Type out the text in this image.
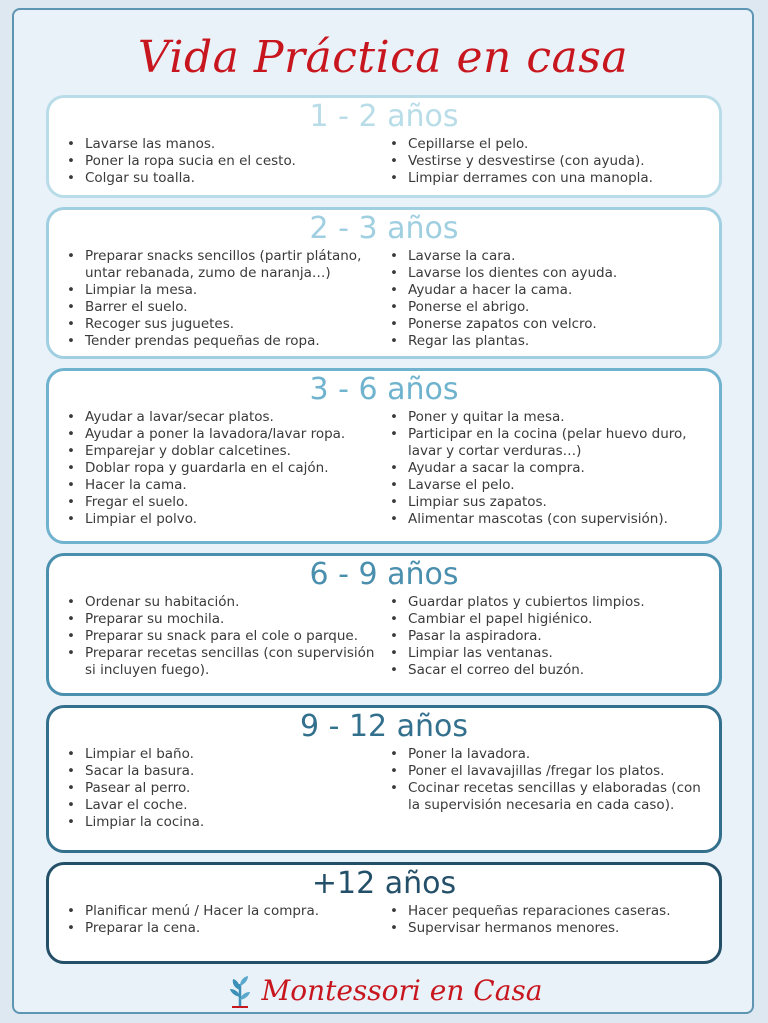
Vida Práctica en casa
1 - 2 años
• Lavarse las manos.
• Poner la ropa sucia en el cesto.
• Colgar su toalla.
• Cepillarse el pelo.
• Vestirse y desvestirse (con ayuda).
• Limpiar derrames con una manopla.
2 - 3 años
• Preparar snacks sencillos (partir plátano, untar rebanada, zumo de naranja…)
• Limpiar la mesa.
• Barrer el suelo.
• Recoger sus juguetes.
• Tender prendas pequeñas de ropa.
• Lavarse la cara.
• Lavarse los dientes con ayuda.
• Ayudar a hacer la cama.
• Ponerse el abrigo.
• Ponerse zapatos con velcro.
• Regar las plantas.
3 - 6 años
• Ayudar a lavar/secar platos.
• Ayudar a poner la lavadora/lavar ropa.
• Emparejar y doblar calcetines.
• Doblar ropa y guardarla en el cajón.
• Hacer la cama.
• Fregar el suelo.
• Limpiar el polvo.
• Poner y quitar la mesa.
• Participar en la cocina (pelar huevo duro, lavar y cortar verduras…)
• Ayudar a sacar la compra.
• Lavarse el pelo.
• Limpiar sus zapatos.
• Alimentar mascotas (con supervisión).
6 - 9 años
• Ordenar su habitación.
• Preparar su mochila.
• Preparar su snack para el cole o parque.
• Preparar recetas sencillas (con supervisión si incluyen fuego).
• Guardar platos y cubiertos limpios.
• Cambiar el papel higiénico.
• Pasar la aspiradora.
• Limpiar las ventanas.
• Sacar el correo del buzón.
9 - 12 años
• Limpiar el baño.
• Sacar la basura.
• Pasear al perro.
• Lavar el coche.
• Limpiar la cocina.
• Poner la lavadora.
• Poner el lavavajillas /fregar los platos.
• Cocinar recetas sencillas y elaboradas (con la supervisión necesaria en cada caso).
+12 años
• Planificar menú / Hacer la compra.
• Preparar la cena.
• Hacer pequeñas reparaciones caseras.
• Supervisar hermanos menores.
Montessori en Casa
